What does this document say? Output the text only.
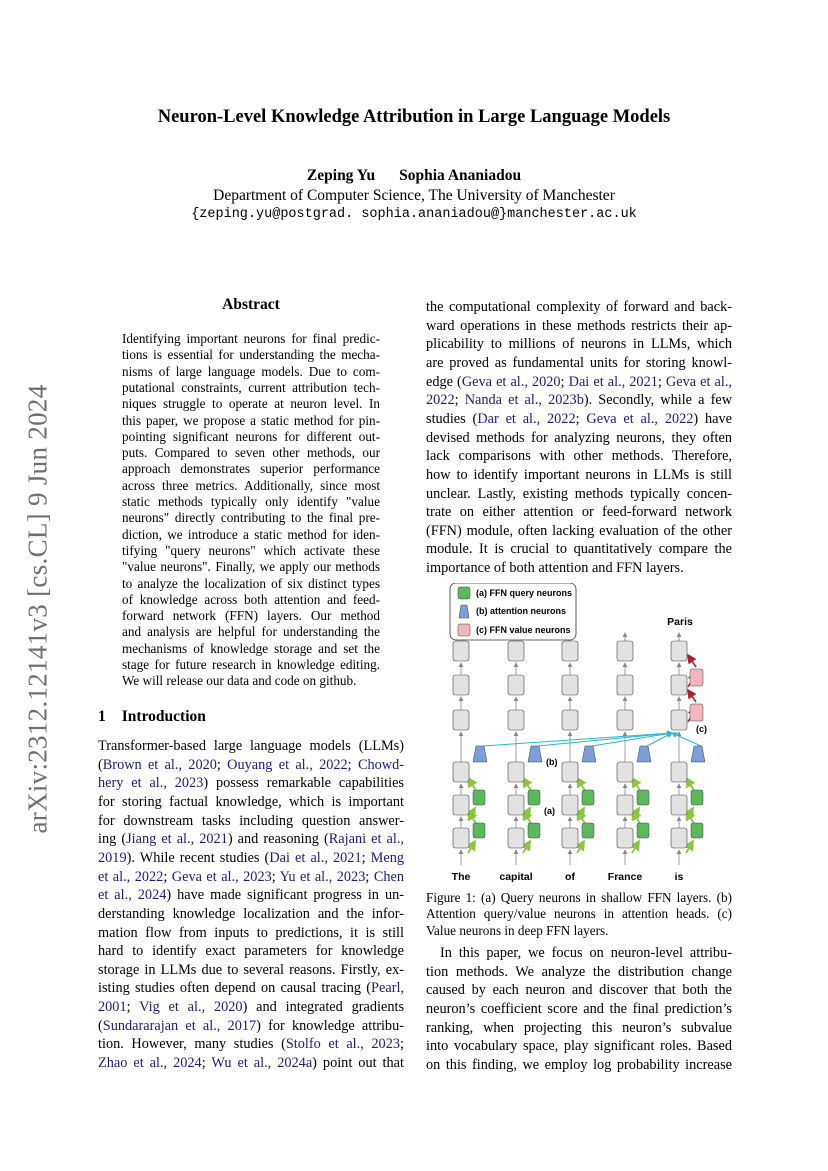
arXiv:2312.12141v3 [cs.CL] 9 Jun 2024
Neuron-Level Knowledge Attribution in Large Language Models
Zeping Yu Sophia Ananiadou
Department of Computer Science, The University of Manchester
{zeping.yu@postgrad. sophia.ananiadou@}manchester.ac.uk
Abstract
Identifying important neurons for final predic-
tions is essential for understanding the mecha-
nisms of large language models. Due to com-
putational constraints, current attribution tech-
niques struggle to operate at neuron level. In
this paper, we propose a static method for pin-
pointing significant neurons for different out-
puts. Compared to seven other methods, our
approach demonstrates superior performance
across three metrics. Additionally, since most
static methods typically only identify "value
neurons" directly contributing to the final pre-
diction, we introduce a static method for iden-
tifying "query neurons" which activate these
"value neurons". Finally, we apply our methods
to analyze the localization of six distinct types
of knowledge across both attention and feed-
forward network (FFN) layers. Our method
and analysis are helpful for understanding the
mechanisms of knowledge storage and set the
stage for future research in knowledge editing.
We will release our data and code on github.
1 Introduction
Transformer-based large language models (LLMs)
(Brown et al., 2020; Ouyang et al., 2022; Chowd-
hery et al., 2023) possess remarkable capabilities
for storing factual knowledge, which is important
for downstream tasks including question answer-
ing (Jiang et al., 2021) and reasoning (Rajani et al.,
2019). While recent studies (Dai et al., 2021; Meng
et al., 2022; Geva et al., 2023; Yu et al., 2023; Chen
et al., 2024) have made significant progress in un-
derstanding knowledge localization and the infor-
mation flow from inputs to predictions, it is still
hard to identify exact parameters for knowledge
storage in LLMs due to several reasons. Firstly, ex-
isting studies often depend on causal tracing (Pearl,
2001; Vig et al., 2020) and integrated gradients
(Sundararajan et al., 2017) for knowledge attribu-
tion. However, many studies (Stolfo et al., 2023;
Zhao et al., 2024; Wu et al., 2024a) point out that
the computational complexity of forward and back-
ward operations in these methods restricts their ap-
plicability to millions of neurons in LLMs, which
are proved as fundamental units for storing knowl-
edge (Geva et al., 2020; Dai et al., 2021; Geva et al.,
2022; Nanda et al., 2023b). Secondly, while a few
studies (Dar et al., 2022; Geva et al., 2022) have
devised methods for analyzing neurons, they often
lack comparisons with other methods. Therefore,
how to identify important neurons in LLMs is still
unclear. Lastly, existing methods typically concen-
trate on either attention or feed-forward network
(FFN) module, often lacking evaluation of the other
module. It is crucial to quantitatively compare the
importance of both attention and FFN layers.
(a) FFN query neurons
(b) attention neurons
(c) FFN value neurons
Paris
(b)
(a)
(c)
The	capital	of	France	is
Figure 1: (a) Query neurons in shallow FFN layers. (b)
Attention query/value neurons in attention heads. (c)
Value neurons in deep FFN layers.
In this paper, we focus on neuron-level attribu-
tion methods. We analyze the distribution change
caused by each neuron and discover that both the
neuron’s coefficient score and the final prediction’s
ranking, when projecting this neuron’s subvalue
into vocabulary space, play significant roles. Based
on this finding, we employ log probability increase
